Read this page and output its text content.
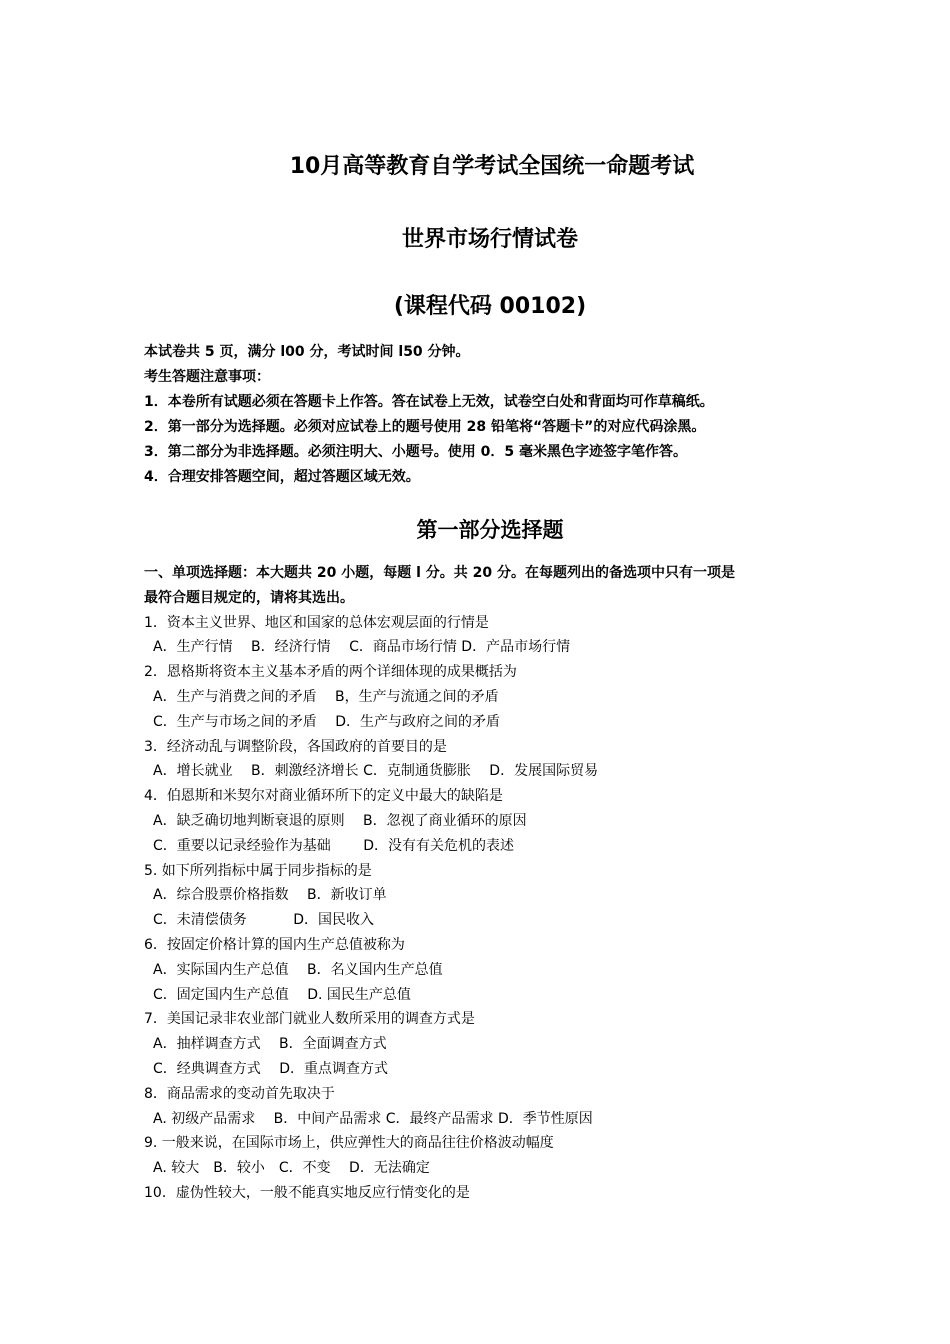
10月高等教育自学考试全国统一命题考试
世界市场行情试卷
(课程代码 00102)
本试卷共 5 页，满分 l00 分，考试时间 l50 分钟。
考生答题注意事项：
1．本卷所有试题必须在答题卡上作答。答在试卷上无效，试卷空白处和背面均可作草稿纸。
2．第一部分为选择题。必须对应试卷上的题号使用 28 铅笔将“答题卡”的对应代码涂黑。
3．第二部分为非选择题。必须注明大、小题号。使用 0．5 毫米黑色字迹签字笔作答。
4．合理安排答题空间，超过答题区域无效。
第一部分选择题
一、单项选择题：本大题共 20 小题，每题 l 分。共 20 分。在每题列出的备选项中只有一项是
最符合题目规定的，请将其选出。
1．资本主义世界、地区和国家的总体宏观层面的行情是
A．生产行情　 B．经济行情　 C．商品市场行情 D．产品市场行情
2．恩格斯将资本主义基本矛盾的两个详细体现的成果概括为
A．生产与消费之间的矛盾　 B，生产与流通之间的矛盾
C．生产与市场之间的矛盾　 D．生产与政府之间的矛盾
3．经济动乱与调整阶段，各国政府的首要目的是
A．增长就业　 B．刺激经济增长 C．克制通货膨胀　 D．发展国际贸易
4．伯恩斯和米契尔对商业循环所下的定义中最大的缺陷是
A．缺乏确切地判断衰退的原则　 B．忽视了商业循环的原因
C．重要以记录经验作为基础　　 D．没有有关危机的表述
5. 如下所列指标中属于同步指标的是
A．综合股票价格指数　 B．新收订单
C．未清偿债务　　　 D．国民收入
6．按固定价格计算的国内生产总值被称为
A．实际国内生产总值　 B．名义国内生产总值
C．固定国内生产总值　 D. 国民生产总值
7．美国记录非农业部门就业人数所采用的调查方式是
A．抽样调查方式　 B．全面调查方式
C．经典调查方式　 D．重点调查方式
8．商品需求的变动首先取决于
A. 初级产品需求　 B．中间产品需求 C．最终产品需求 D．季节性原因
9. 一般来说，在国际市场上，供应弹性大的商品往往价格波动幅度
A. 较大　B．较小　C．不变　 D．无法确定
10．虚伪性较大，一般不能真实地反应行情变化的是
